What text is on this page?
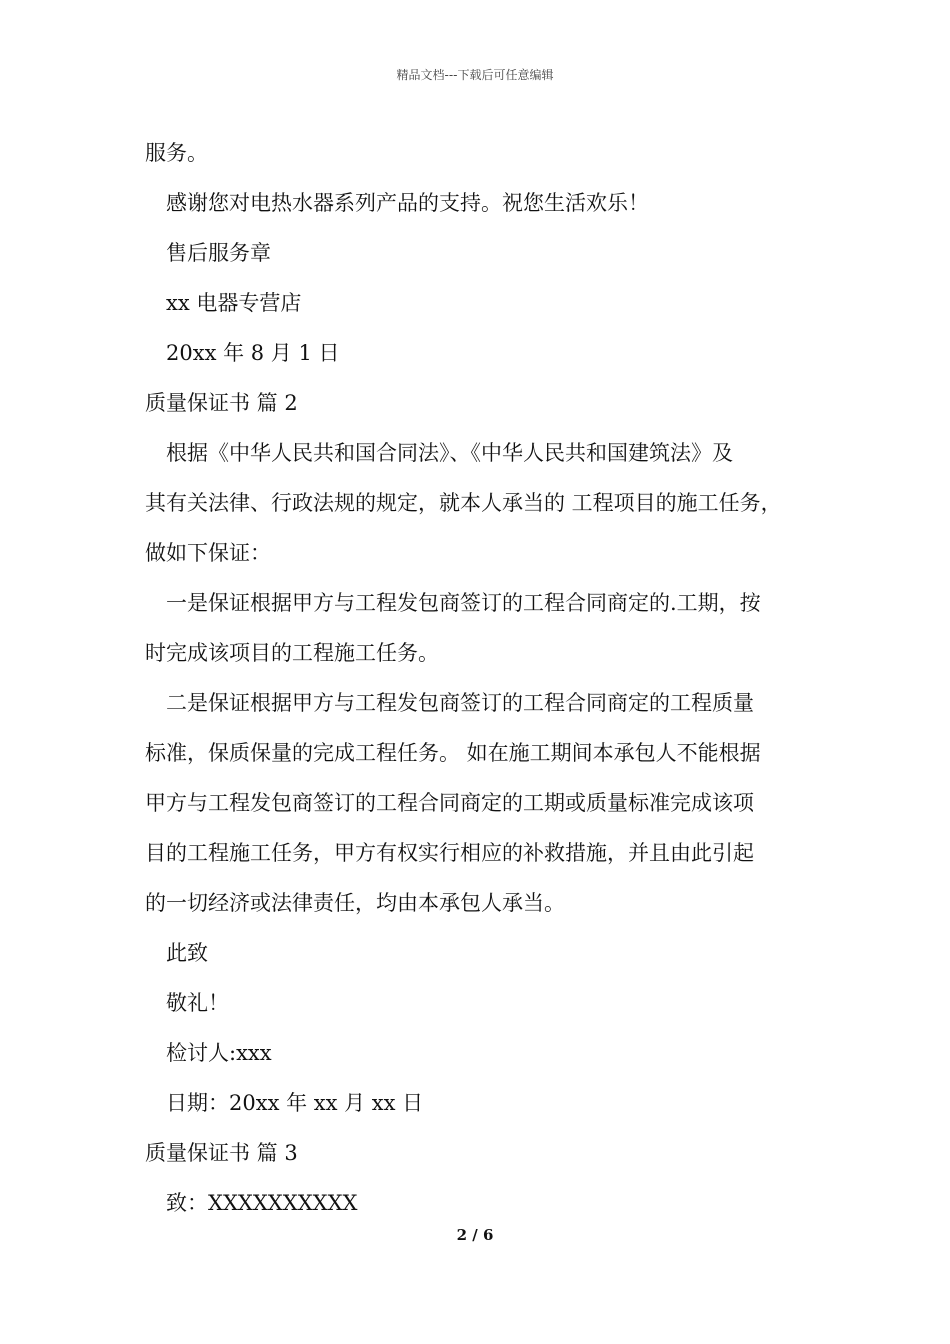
精品文档---下载后可任意编辑
服务。
感谢您对电热水器系列产品的支持。祝您生活欢乐！
售后服务章
xx 电器专营店
20xx 年 8 月 1 日
质量保证书 篇 2
根据《中华人民共和国合同法》、《中华人民共和国建筑法》及
其有关法律、行政法规的规定，就本人承当的 工程项目的施工任务，
做如下保证：
一是保证根据甲方与工程发包商签订的工程合同商定的.工期，按
时完成该项目的工程施工任务。
二是保证根据甲方与工程发包商签订的工程合同商定的工程质量
标准，保质保量的完成工程任务。 如在施工期间本承包人不能根据
甲方与工程发包商签订的工程合同商定的工期或质量标准完成该项
目的工程施工任务，甲方有权实行相应的补救措施，并且由此引起
的一切经济或法律责任，均由本承包人承当。
此致
敬礼！
检讨人:xxx
日期：20xx 年 xx 月 xx 日
质量保证书 篇 3
致：XXXXXXXXXX
2 / 6
